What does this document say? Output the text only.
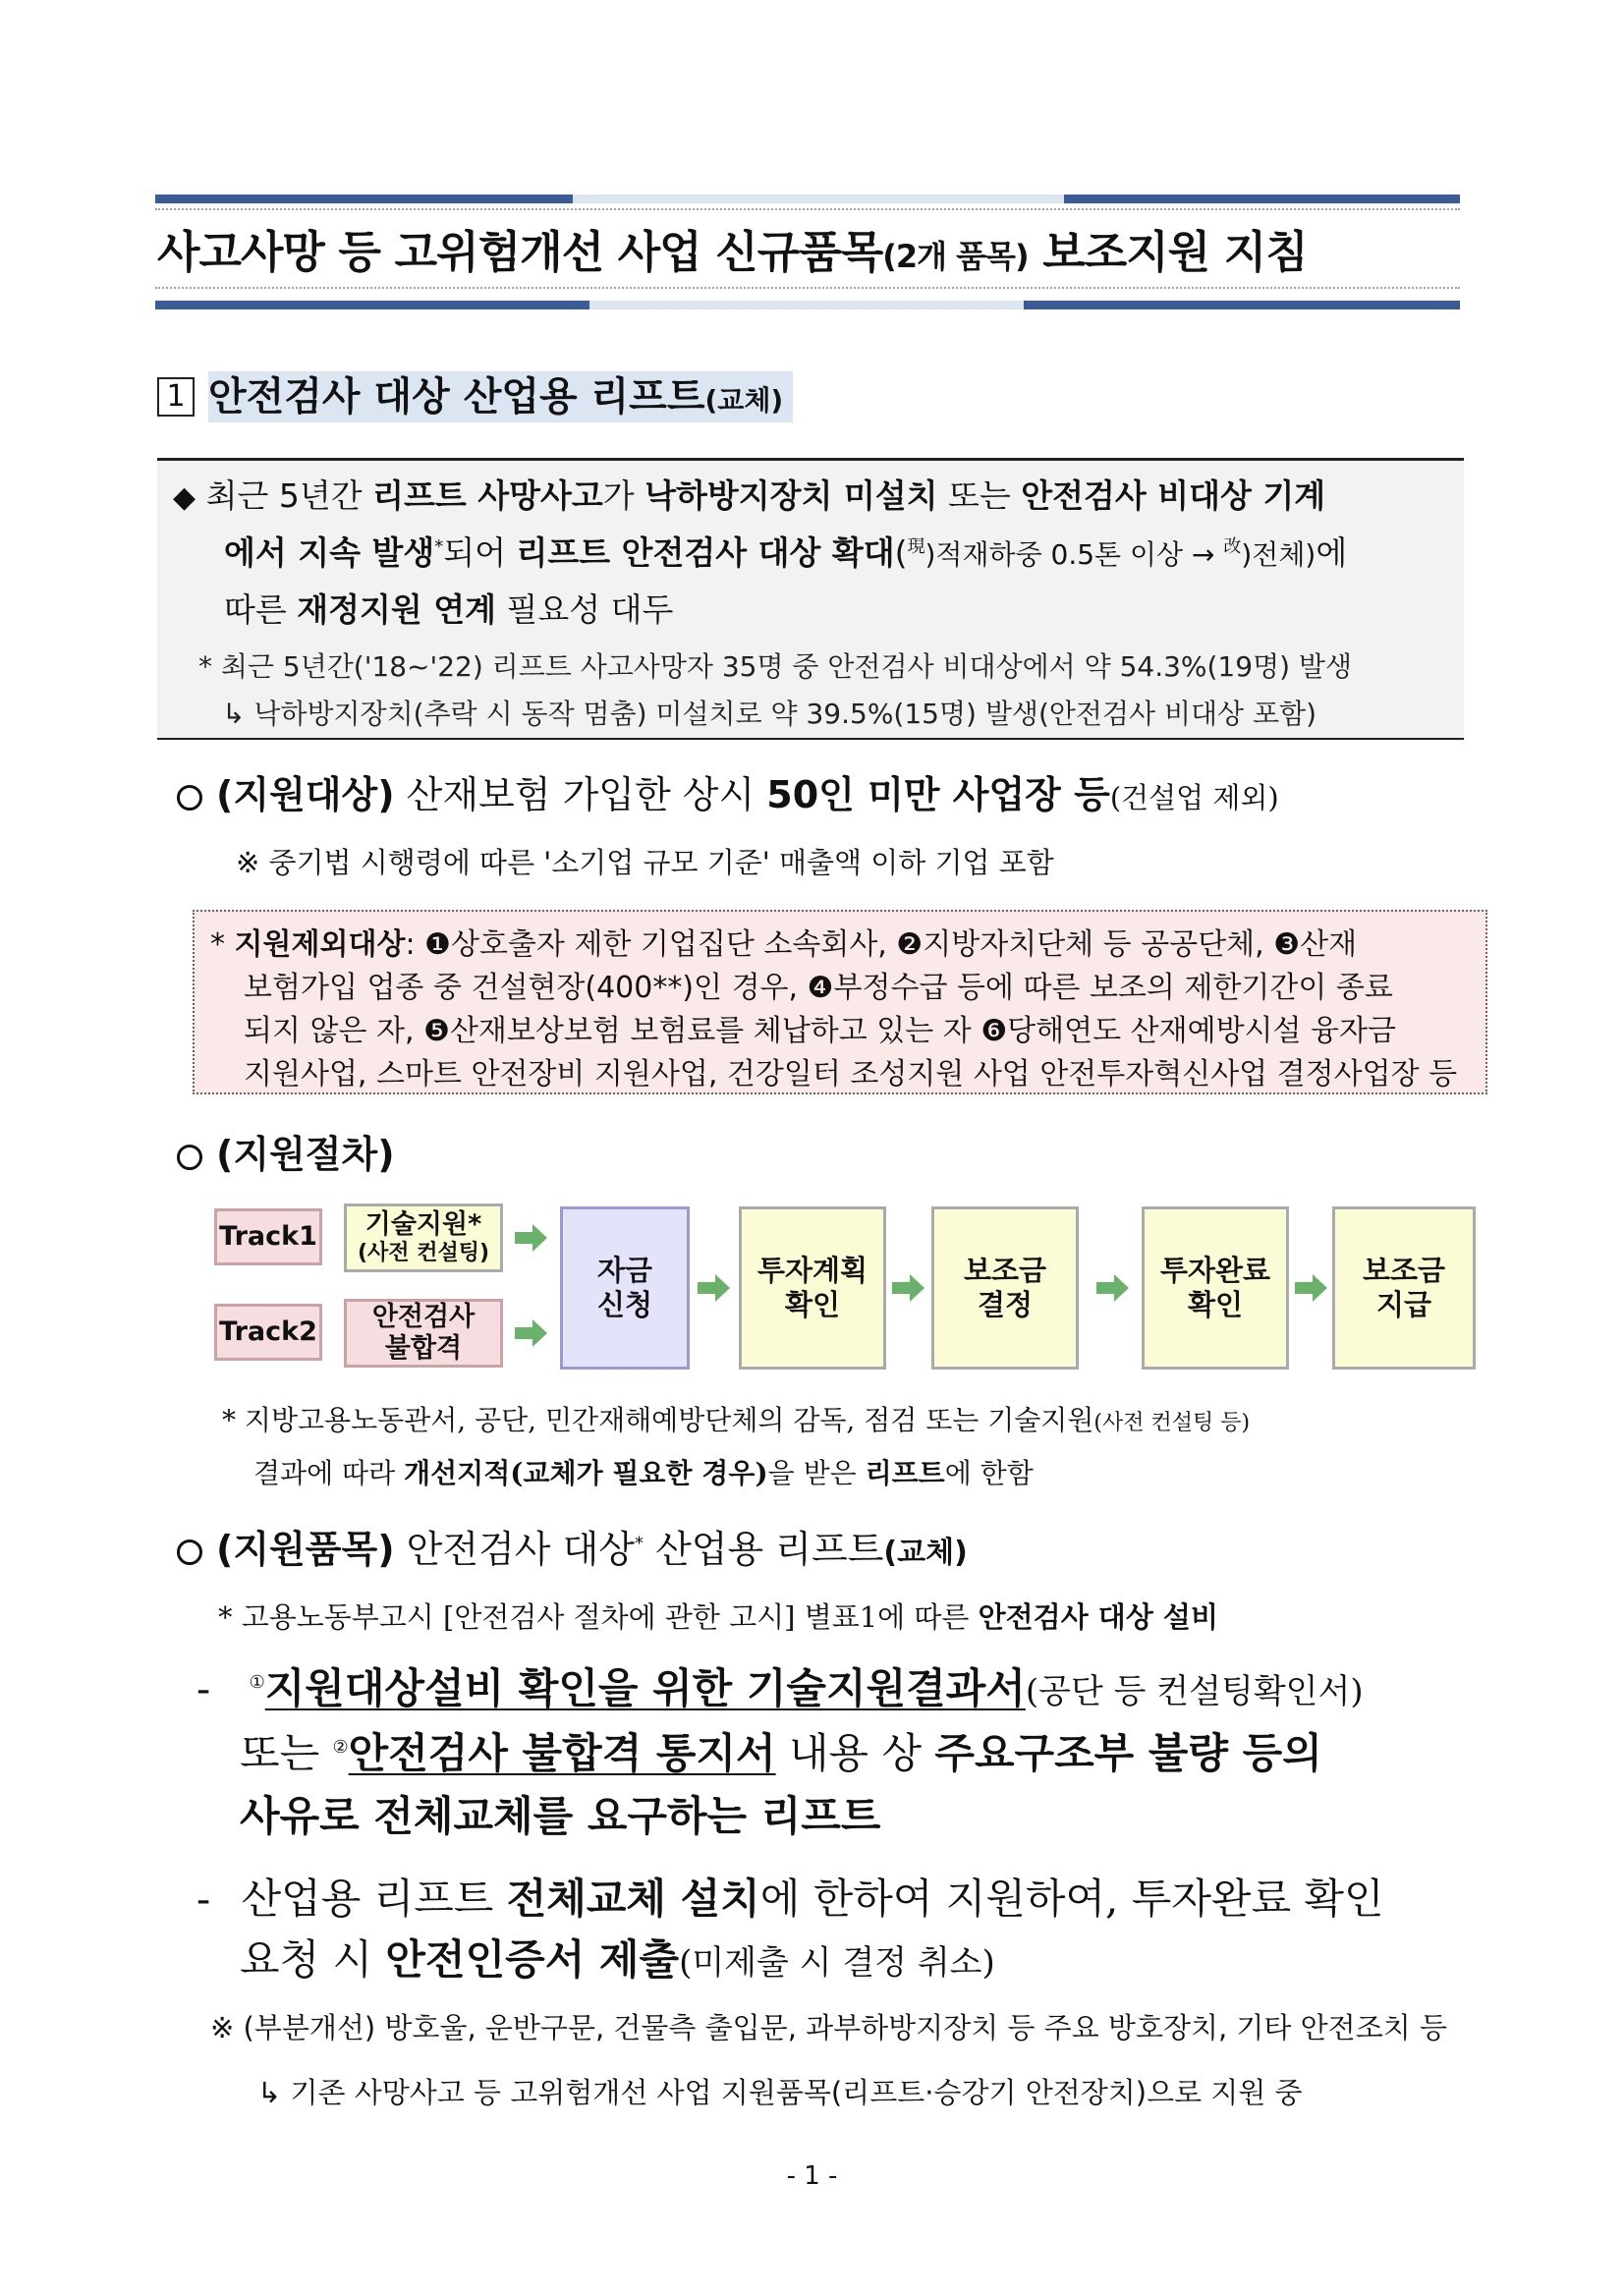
사고사망 등 고위험개선 사업 신규품목(2개 품목) 보조지원 지침
1 안전검사 대상 산업용 리프트(교체)
◆ 최근 5년간 리프트 사망사고가 낙하방지장치 미설치 또는 안전검사 비대상 기계
에서 지속 발생*되어 리프트 안전검사 대상 확대($^現$)적재하중 0.5톤 이상 → $^改$)전체)에
따른 재정지원 연계 필요성 대두
* 최근 5년간('18~'22) 리프트 사고사망자 35명 중 안전검사 비대상에서 약 54.3%(19명) 발생
↳ 낙하방지장치(추락 시 동작 멈춤) 미설치로 약 39.5%(15명) 발생(안전검사 비대상 포함)
(지원대상) 산재보험 가입한 상시 50인 미만 사업장 등(건설업 제외)
※ 중기법 시행령에 따른 '소기업 규모 기준' 매출액 이하 기업 포함
* 지원제외대상: ❶상호출자 제한 기업집단 소속회사, ❷지방자치단체 등 공공단체, ❸산재
보험가입 업종 중 건설현장(400**)인 경우, ❹부정수급 등에 따른 보조의 제한기간이 종료
되지 않은 자, ❺산재보상보험 보험료를 체납하고 있는 자 ❻당해연도 산재예방시설 융자금
지원사업, 스마트 안전장비 지원사업, 건강일터 조성지원 사업 안전투자혁신사업 결정사업장 등
(지원절차)
Track1
Track2
기술지원*
(사전 컨설팅)
안전검사
불합격
자금
신청
투자계획
확인
보조금
결정
투자완료
확인
보조금
지급
* 지방고용노동관서, 공단, 민간재해예방단체의 감독, 점검 또는 기술지원(사전 컨설팅 등)
결과에 따라 개선지적(교체가 필요한 경우)을 받은 리프트에 한함
(지원품목) 안전검사 대상* 산업용 리프트(교체)
* 고용노동부고시 [안전검사 절차에 관한 고시] 별표1에 따른 안전검사 대상 설비
- ①지원대상설비 확인을 위한 기술지원결과서(공단 등 컨설팅확인서)
또는 ②안전검사 불합격 통지서 내용 상 주요구조부 불량 등의
사유로 전체교체를 요구하는 리프트
- 산업용 리프트 전체교체 설치에 한하여 지원하여, 투자완료 확인
요청 시 안전인증서 제출(미제출 시 결정 취소)
※ (부분개선) 방호울, 운반구문, 건물측 출입문, 과부하방지장치 등 주요 방호장치, 기타 안전조치 등
↳ 기존 사망사고 등 고위험개선 사업 지원품목(리프트·승강기 안전장치)으로 지원 중
- 1 -
